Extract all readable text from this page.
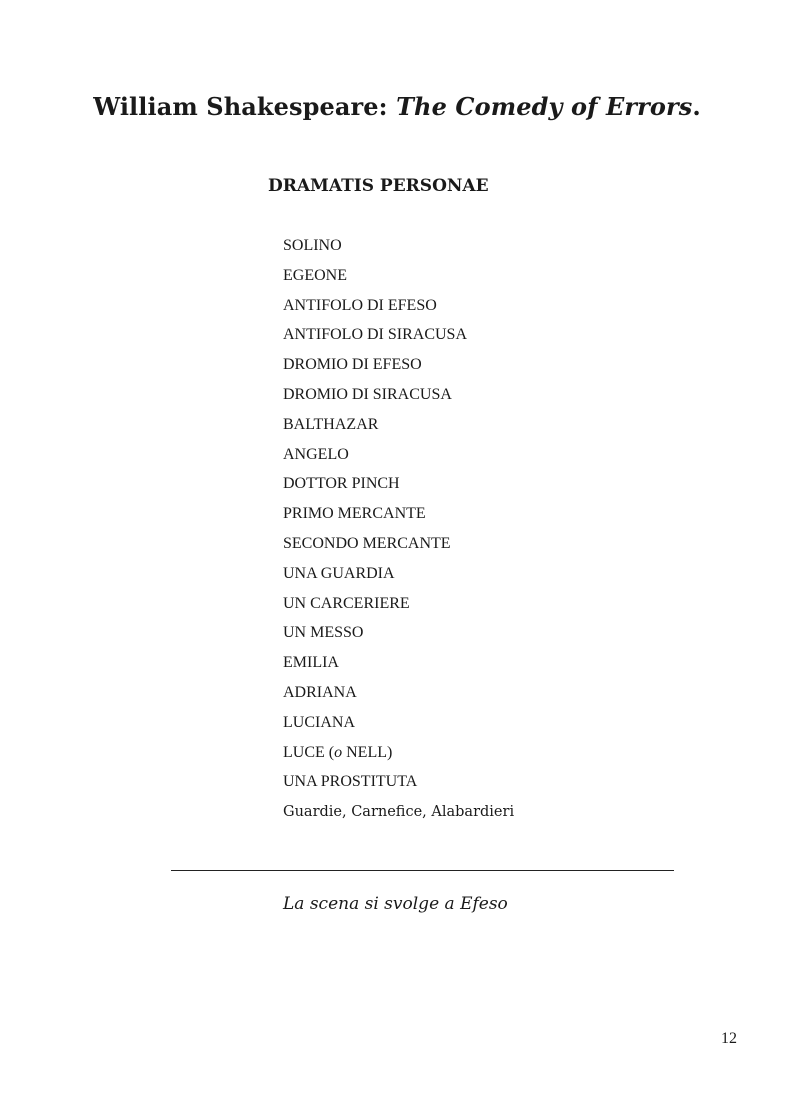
William Shakespeare: The Comedy of Errors.
DRAMATIS PERSONAE
SOLINO
EGEONE
ANTIFOLO DI EFESO
ANTIFOLO DI SIRACUSA
DROMIO DI EFESO
DROMIO DI SIRACUSA
BALTHAZAR
ANGELO
DOTTOR PINCH
PRIMO MERCANTE
SECONDO MERCANTE
UNA GUARDIA
UN CARCERIERE
UN MESSO
EMILIA
ADRIANA
LUCIANA
LUCE (o NELL)
UNA PROSTITUTA
Guardie, Carnefice, Alabardieri
La scena si svolge a Efeso
12
